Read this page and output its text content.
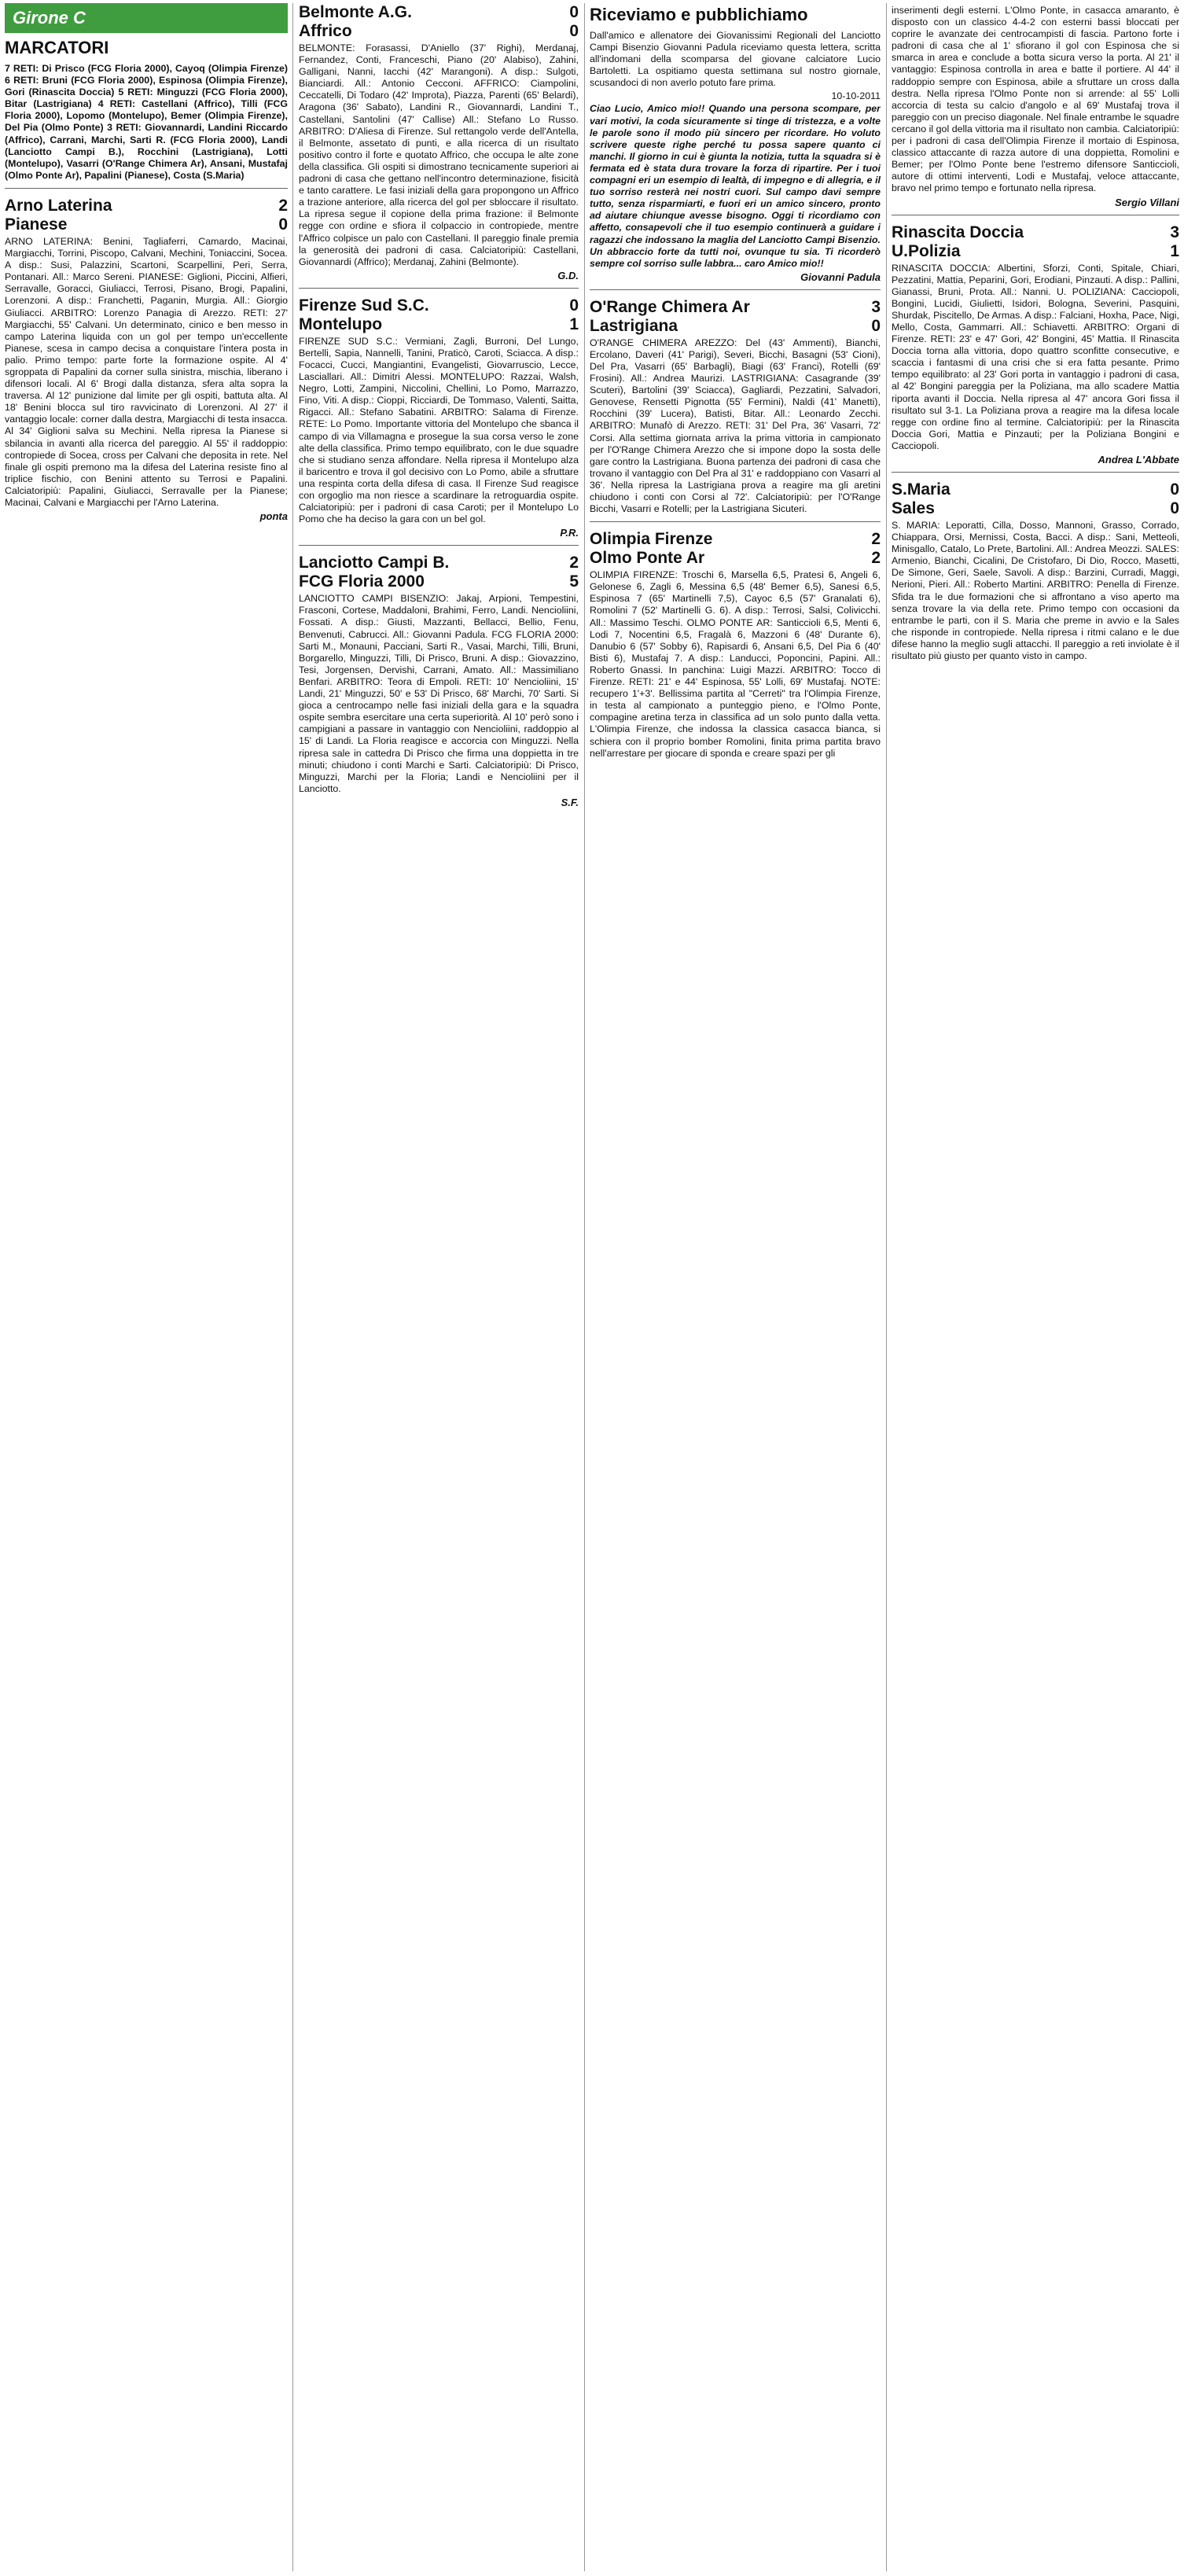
Girone C
MARCATORI
7 RETI: Di Prisco (FCG Floria 2000), Cayoq (Olimpia Firenze) 6 RETI: Bruni (FCG Floria 2000), Espinosa (Olimpia Firenze), Gori (Rinascita Doccia) 5 RETI: Minguzzi (FCG Floria 2000), Bitar (Lastrigiana) 4 RETI: Castellani (Affrico), Tilli (FCG Floria 2000), Lopomo (Montelupo), Bemer (Olimpia Firenze), Del Pia (Olmo Ponte) 3 RETI: Giovannardi, Landini Riccardo (Affrico), Carrani, Marchi, Sarti R. (FCG Floria 2000), Landi (Lanciotto Campi B.), Rocchini (Lastrigiana), Lotti (Montelupo), Vasarri (O'Range Chimera Ar), Ansani, Mustafaj (Olmo Ponte Ar), Papalini (Pianese), Costa (S.Maria)
Arno Laterina	2
Pianese	0
ARNO LATERINA: Benini, Tagliaferri, Camardo, Macinai, Margiacchi, Torrini, Piscopo, Calvani, Mechini, Toniaccini, Socea. A disp.: Susi, Palazzini, Scartoni, Scarpellini, Peri, Serra, Pontanari. All.: Marco Sereni. PIANESE: Giglioni, Piccini, Alfieri, Serravalle, Goracci, Giuliacci, Terrosi, Pisano, Brogi, Papalini, Lorenzoni. A disp.: Franchetti, Paganin, Murgia. All.: Giorgio Giuliacci. ARBITRO: Lorenzo Panagia di Arezzo. RETI: 27' Margiacchi, 55' Calvani. Un determinato, cinico e ben messo in campo Laterina liquida con un gol per tempo un'eccellente Pianese, scesa in campo decisa a conquistare l'intera posta in palio. Primo tempo: parte forte la formazione ospite. Al 4' sgroppata di Papalini da corner sulla sinistra, mischia, liberano i difensori locali. Al 6' Brogi dalla distanza, sfera alta sopra la traversa. Al 12' punizione dal limite per gli ospiti, battuta alta. Al 18' Benini blocca sul tiro ravvicinato di Lorenzoni. Al 27' il vantaggio locale: corner dalla destra, Margiacchi di testa insacca. Al 34' Giglioni salva su Mechini. Nella ripresa la Pianese si sbilancia in avanti alla ricerca del pareggio. Al 55' il raddoppio: contropiede di Socea, cross per Calvani che deposita in rete. Nel finale gli ospiti premono ma la difesa del Laterina resiste fino al triplice fischio, con Benini attento su Terrosi e Papalini. Calciatoripiù: Papalini, Giuliacci, Serravalle per la Pianese; Macinai, Calvani e Margiacchi per l'Arno Laterina.
ponta
Belmonte A.G.	0
Affrico	0
BELMONTE: Forasassi, D'Aniello (37' Righi), Merdanaj, Fernandez, Conti, Franceschi, Piano (20' Alabiso), Zahini, Galligani, Nanni, Iacchi (42' Marangoni). A disp.: Sulgoti, Bianciardi. All.: Antonio Cecconi. AFFRICO: Ciampolini, Ceccatelli, Di Todaro (42' Improta), Piazza, Parenti (65' Belardi), Aragona (36' Sabato), Landini R., Giovannardi, Landini T., Castellani, Santolini (47' Callise) All.: Stefano Lo Russo. ARBITRO: D'Aliesa di Firenze. Sul rettangolo verde dell'Antella, il Belmonte, assetato di punti, e alla ricerca di un risultato positivo contro il forte e quotato Affrico, che occupa le alte zone della classifica. Gli ospiti si dimostrano tecnicamente superiori ai padroni di casa che gettano nell'incontro determinazione, fisicità e tanto carattere. Le fasi iniziali della gara propongono un Affrico a trazione anteriore, alla ricerca del gol per sbloccare il risultato. La ripresa segue il copione della prima frazione: il Belmonte regge con ordine e sfiora il colpaccio in contropiede, mentre l'Affrico colpisce un palo con Castellani. Il pareggio finale premia la generosità dei padroni di casa. Calciatoripiù: Castellani, Giovannardi (Affrico); Merdanaj, Zahini (Belmonte).
G.D.
Firenze Sud S.C.	0
Montelupo	1
FIRENZE SUD S.C.: Vermiani, Zagli, Burroni, Del Lungo, Bertelli, Sapia, Nannelli, Tanini, Praticò, Caroti, Sciacca. A disp.: Focacci, Cucci, Mangiantini, Evangelisti, Giovarruscio, Lecce, Lasciallari. All.: Dimitri Alessi. MONTELUPO: Razzai, Walsh, Negro, Lotti, Zampini, Niccolini, Chellini, Lo Pomo, Marrazzo, Fino, Viti. A disp.: Cioppi, Ricciardi, De Tommaso, Valenti, Saitta, Rigacci. All.: Stefano Sabatini. ARBITRO: Salama di Firenze. RETE: Lo Pomo. Importante vittoria del Montelupo che sbanca il campo di via Villamagna e prosegue la sua corsa verso le zone alte della classifica. Primo tempo equilibrato, con le due squadre che si studiano senza affondare. Nella ripresa il Montelupo alza il baricentro e trova il gol decisivo con Lo Pomo, abile a sfruttare una respinta corta della difesa di casa. Il Firenze Sud reagisce con orgoglio ma non riesce a scardinare la retroguardia ospite. Calciatoripiù: per i padroni di casa Caroti; per il Montelupo Lo Pomo che ha deciso la gara con un bel gol.
P.R.
Lanciotto Campi B.	2
FCG Floria 2000	5
LANCIOTTO CAMPI BISENZIO: Jakaj, Arpioni, Tempestini, Frasconi, Cortese, Maddaloni, Brahimi, Ferro, Landi. Nencioliini, Fossati. A disp.: Giusti, Mazzanti, Bellacci, Bellio, Fenu, Benvenuti, Cabrucci. All.: Giovanni Padula. FCG FLORIA 2000: Sarti M., Monauni, Pacciani, Sarti R., Vasai, Marchi, Tilli, Bruni, Borgarello, Minguzzi, Tilli, Di Prisco, Bruni. A disp.: Giovazzino, Tesi, Jorgensen, Dervishi, Carrani, Amato. All.: Massimiliano Benfari. ARBITRO: Teora di Empoli. RETI: 10' Nencioliini, 15' Landi, 21' Minguzzi, 50' e 53' Di Prisco, 68' Marchi, 70' Sarti. Si gioca a centrocampo nelle fasi iniziali della gara e la squadra ospite sembra esercitare una certa superiorità. Al 10' però sono i campigiani a passare in vantaggio con Nencioliini, raddoppio al 15' di Landi. La Floria reagisce e accorcia con Minguzzi. Nella ripresa sale in cattedra Di Prisco che firma una doppietta in tre minuti; chiudono i conti Marchi e Sarti. Calciatoripiù: Di Prisco, Minguzzi, Marchi per la Floria; Landi e Nencioliini per il Lanciotto.
S.F.
Riceviamo e pubblichiamo
Dall'amico e allenatore dei Giovanissimi Regionali del Lanciotto Campi Bisenzio Giovanni Padula riceviamo questa lettera, scritta all'indomani della scomparsa del giovane calciatore Lucio Bartoletti. La ospitiamo questa settimana sul nostro giornale, scusandoci di non averlo potuto fare prima.
10-10-2011
Ciao Lucio, Amico mio!! Quando una persona scompare, per vari motivi, la coda sicuramente si tinge di tristezza, e a volte le parole sono il modo più sincero per ricordare. Ho voluto scrivere queste righe perché tu possa sapere quanto ci manchi. Il giorno in cui è giunta la notizia, tutta la squadra si è fermata ed è stata dura trovare la forza di ripartire. Per i tuoi compagni eri un esempio di lealtà, di impegno e di allegria, e il tuo sorriso resterà nei nostri cuori. Sul campo davi sempre tutto, senza risparmiarti, e fuori eri un amico sincero, pronto ad aiutare chiunque avesse bisogno. Oggi ti ricordiamo con affetto, consapevoli che il tuo esempio continuerà a guidare i ragazzi che indossano la maglia del Lanciotto Campi Bisenzio. Un abbraccio forte da tutti noi, ovunque tu sia. Ti ricorderò sempre col sorriso sulle labbra... caro Amico mio!!
Giovanni Padula
O'Range Chimera Ar	3
Lastrigiana	0
O'RANGE CHIMERA AREZZO: Del (43' Ammenti), Bianchi, Ercolano, Daveri (41' Parigi), Severi, Bicchi, Basagni (53' Cioni), Del Pra, Vasarri (65' Barbagli), Biagi (63' Franci), Rotelli (69' Frosini). All.: Andrea Maurizi. LASTRIGIANA: Casagrande (39' Scuteri), Bartolini (39' Sciacca), Gagliardi, Pezzatini, Salvadori, Genovese, Rensetti Pignotta (55' Fermini), Naldi (41' Manetti), Rocchini (39' Lucera), Batisti, Bitar. All.: Leonardo Zecchi. ARBITRO: Munafò di Arezzo. RETI: 31' Del Pra, 36' Vasarri, 72' Corsi. Alla settima giornata arriva la prima vittoria in campionato per l'O'Range Chimera Arezzo che si impone dopo la sosta delle gare contro la Lastrigiana. Buona partenza dei padroni di casa che trovano il vantaggio con Del Pra al 31' e raddoppiano con Vasarri al 36'. Nella ripresa la Lastrigiana prova a reagire ma gli aretini chiudono i conti con Corsi al 72'. Calciatoripiù: per l'O'Range Bicchi, Vasarri e Rotelli; per la Lastrigiana Sicuteri.
Olimpia Firenze	2
Olmo Ponte Ar	2
OLIMPIA FIRENZE: Troschi 6, Marsella 6,5, Pratesi 6, Angeli 6, Gelonese 6, Zagli 6, Messina 6,5 (48' Bemer 6,5), Sanesi 6,5, Espinosa 7 (65' Martinelli 7,5), Cayoc 6,5 (57' Granalati 6), Romolini 7 (52' Martinelli G. 6). A disp.: Terrosi, Salsi, Colivicchi. All.: Massimo Teschi. OLMO PONTE AR: Santiccioli 6,5, Menti 6, Lodi 7, Nocentini 6,5, Fragalà 6, Mazzoni 6 (48' Durante 6), Danubio 6 (57' Sobby 6), Rapisardi 6, Ansani 6,5, Del Pia 6 (40' Bisti 6), Mustafaj 7. A disp.: Landucci, Poponcini, Papini. All.: Roberto Gnassi. In panchina: Luigi Mazzi. ARBITRO: Tocco di Firenze. RETI: 21' e 44' Espinosa, 55' Lolli, 69' Mustafaj. NOTE: recupero 1'+3'. Bellissima partita al "Cerreti" tra l'Olimpia Firenze, in testa al campionato a punteggio pieno, e l'Olmo Ponte, compagine aretina terza in classifica ad un solo punto dalla vetta. L'Olimpia Firenze, che indossa la classica casacca bianca, si schiera con il proprio bomber Romolini, finita prima partita bravo nell'arrestare per giocare di sponda e creare spazi per gli
inserimenti degli esterni. L'Olmo Ponte, in casacca amaranto, è disposto con un classico 4-4-2 con esterni bassi bloccati per coprire le avanzate dei centrocampisti di fascia. Partono forte i padroni di casa che al 1' sfiorano il gol con Espinosa che si smarca in area e conclude a botta sicura verso la porta. Al 21' il vantaggio: Espinosa controlla in area e batte il portiere. Al 44' il raddoppio sempre con Espinosa, abile a sfruttare un cross dalla destra. Nella ripresa l'Olmo Ponte non si arrende: al 55' Lolli accorcia di testa su calcio d'angolo e al 69' Mustafaj trova il pareggio con un preciso diagonale. Nel finale entrambe le squadre cercano il gol della vittoria ma il risultato non cambia. Calciatoripiù: per i padroni di casa dell'Olimpia Firenze il mortaio di Espinosa, classico attaccante di razza autore di una doppietta, Romolini e Bemer; per l'Olmo Ponte bene l'estremo difensore Santiccioli, autore di ottimi interventi, Lodi e Mustafaj, veloce attaccante, bravo nel primo tempo e fortunato nella ripresa.
Sergio Villani
Rinascita Doccia	3
U.Polizia	1
RINASCITA DOCCIA: Albertini, Sforzi, Conti, Spitale, Chiari, Pezzatini, Mattia, Peparini, Gori, Erodiani, Pinzauti. A disp.: Pallini, Gianassi, Bruni, Prota. All.: Nanni. U. POLIZIANA: Cacciopoli, Bongini, Lucidi, Giulietti, Isidori, Bologna, Severini, Pasquini, Shurdak, Piscitello, De Armas. A disp.: Falciani, Hoxha, Pace, Nigi, Mello, Costa, Gammarri. All.: Schiavetti. ARBITRO: Organi di Firenze. RETI: 23' e 47' Gori, 42' Bongini, 45' Mattia. Il Rinascita Doccia torna alla vittoria, dopo quattro sconfitte consecutive, e scaccia i fantasmi di una crisi che si era fatta pesante. Primo tempo equilibrato: al 23' Gori porta in vantaggio i padroni di casa, al 42' Bongini pareggia per la Poliziana, ma allo scadere Mattia riporta avanti il Doccia. Nella ripresa al 47' ancora Gori fissa il risultato sul 3-1. La Poliziana prova a reagire ma la difesa locale regge con ordine fino al termine. Calciatoripiù: per la Rinascita Doccia Gori, Mattia e Pinzauti; per la Poliziana Bongini e Cacciopoli.
Andrea L'Abbate
S.Maria	0
Sales	0
S. MARIA: Leporatti, Cilla, Dosso, Mannoni, Grasso, Corrado, Chiappara, Orsi, Mernissi, Costa, Bacci. A disp.: Sani, Metteoli, Minisgallo, Catalo, Lo Prete, Bartolini. All.: Andrea Meozzi. SALES: Armenio, Bianchi, Cicalini, De Cristofaro, Di Dio, Rocco, Masetti, De Simone, Geri, Saele, Savoli. A disp.: Barzini, Curradi, Maggi, Nerioni, Pieri. All.: Roberto Martini. ARBITRO: Penella di Firenze. Sfida tra le due formazioni che si affrontano a viso aperto ma senza trovare la via della rete. Primo tempo con occasioni da entrambe le parti, con il S. Maria che preme in avvio e la Sales che risponde in contropiede. Nella ripresa i ritmi calano e le due difese hanno la meglio sugli attacchi. Il pareggio a reti inviolate è il risultato più giusto per quanto visto in campo.
